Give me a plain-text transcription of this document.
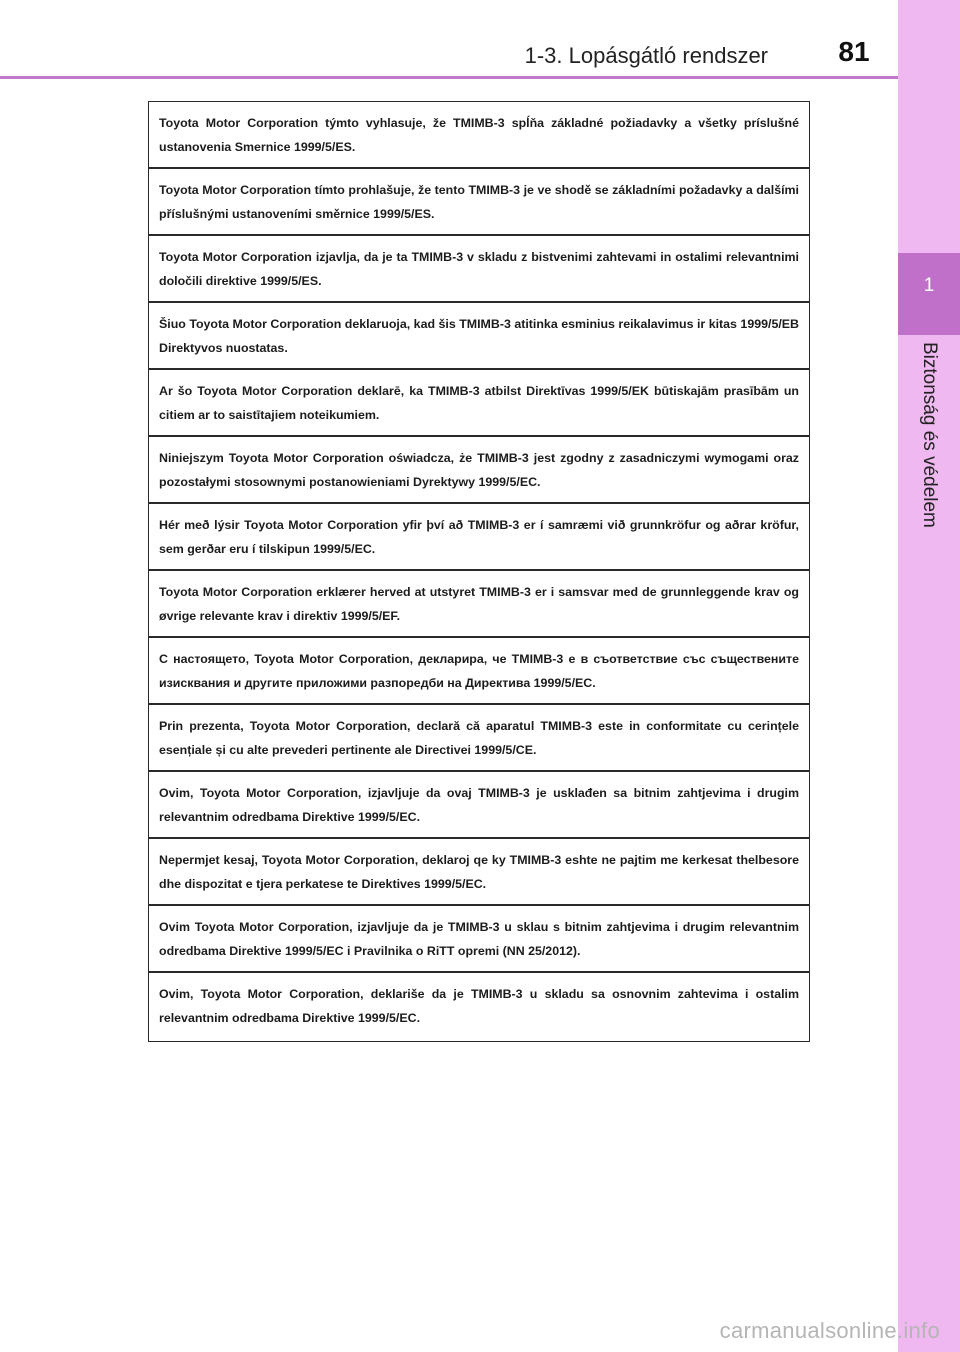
1-3. Lopásgátló rendszer	81
1
Biztonság és védelem
Toyota Motor Corporation týmto vyhlasuje, že TMIMB-3 spĺňa základné požiadavky a všetky príslušné ustanovenia Smernice 1999/5/ES.
Toyota Motor Corporation tímto prohlašuje, že tento TMIMB-3 je ve shodě se základními požadavky a dalšími příslušnými ustanoveními směrnice 1999/5/ES.
Toyota Motor Corporation izjavlja, da je ta TMIMB-3 v skladu z bistvenimi zahtevami in ostalimi relevantnimi določili direktive 1999/5/ES.
Šiuo Toyota Motor Corporation deklaruoja, kad šis TMIMB-3 atitinka esminius reikalavimus ir kitas 1999/5/EB Direktyvos nuostatas.
Ar šo Toyota Motor Corporation deklarē, ka TMIMB-3 atbilst Direktīvas 1999/5/EK būtiskajām prasībām un citiem ar to saistītajiem noteikumiem.
Niniejszym Toyota Motor Corporation oświadcza, że TMIMB-3 jest zgodny z zasadniczymi wymogami oraz pozostałymi stosownymi postanowieniami Dyrektywy 1999/5/EC.
Hér með lýsir Toyota Motor Corporation yfir því að TMIMB-3 er í samræmi við grunnkröfur og aðrar kröfur, sem gerðar eru í tilskipun 1999/5/EC.
Toyota Motor Corporation erklærer herved at utstyret TMIMB-3 er i samsvar med de grunnleggende krav og øvrige relevante krav i direktiv 1999/5/EF.
С настоящето, Toyota Motor Corporation, декларира, че TMIMB-3 е в съответствие със съществените изисквания и другите приложими разпоредби на Директива 1999/5/EC.
Prin prezenta, Toyota Motor Corporation, declară că aparatul TMIMB-3 este in conformitate cu cerințele esențiale și cu alte prevederi pertinente ale Directivei 1999/5/CE.
Ovim, Toyota Motor Corporation, izjavljuje da ovaj TMIMB-3 je usklađen sa bitnim zahtjevima i drugim relevantnim odredbama Direktive 1999/5/EC.
Nepermjet kesaj, Toyota Motor Corporation, deklaroj qe ky TMIMB-3 eshte ne pajtim me kerkesat thelbesore dhe dispozitat e tjera perkatese te Direktives 1999/5/EC.
Ovim Toyota Motor Corporation, izjavljuje da je TMIMB-3 u sklau s bitnim zahtjevima i drugim relevantnim odredbama Direktive 1999/5/EC i Pravilnika o RiTT opremi (NN 25/2012).
Ovim, Toyota Motor Corporation, deklariše da je TMIMB-3 u skladu sa osnovnim zahtevima i ostalim relevantnim odredbama Direktive 1999/5/EC.
carmanualsonline.info
